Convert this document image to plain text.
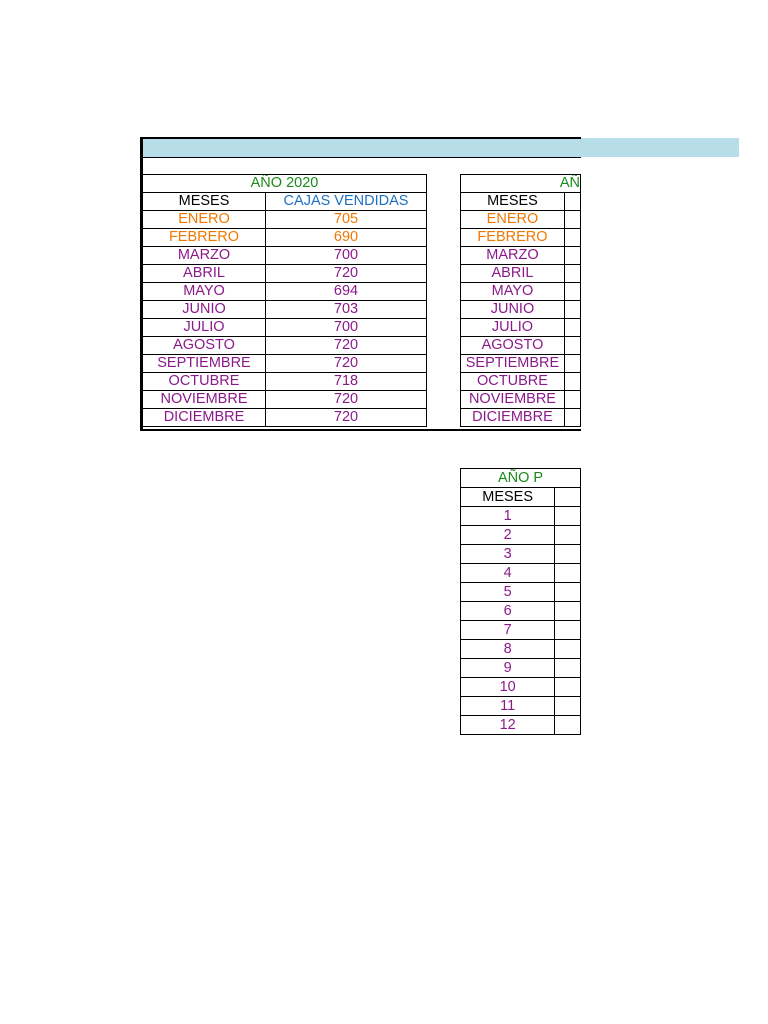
AÑO 2020	
MESES	CAJAS VENDIDAS
ENERO	705
FEBRERO	690
MARZO	700
ABRIL	720
MAYO	694
JUNIO	703
JULIO	700
AGOSTO	720
SEPTIEMBRE	720
OCTUBRE	718
NOVIEMBRE	720
DICIEMBRE	720
AÑ	
MESES	
ENERO	
FEBRERO	
MARZO	
ABRIL	
MAYO	
JUNIO	
JULIO	
AGOSTO	
SEPTIEMBRE	
OCTUBRE	
NOVIEMBRE	
DICIEMBRE	
AÑO P	
MESES	
1	
2	
3	
4	
5	
6	
7	
8	
9	
10	
11	
12	
